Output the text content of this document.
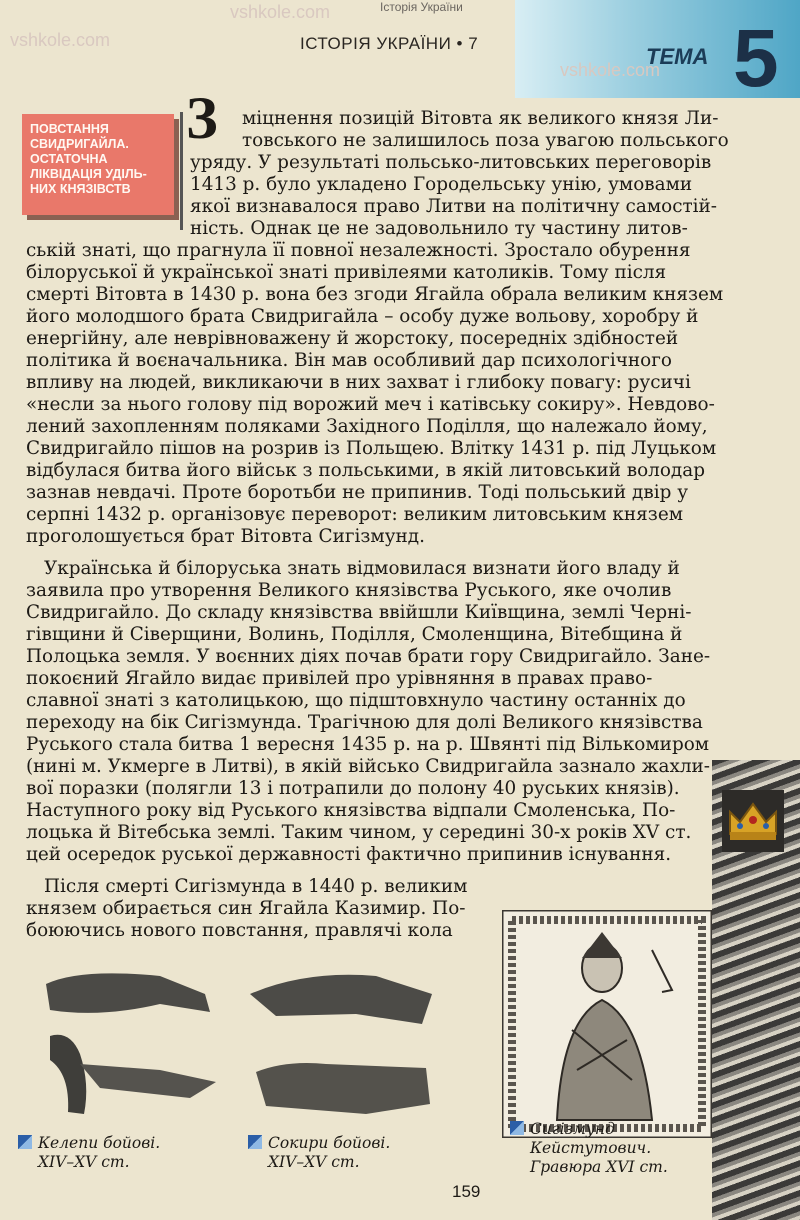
ТЕМА 5
Історія України
ІСТОРІЯ УКРАЇНИ • 7
vshkole.com
vshkole.com
vshkole.com
ПОВСТАННЯ
СВИДРИГАЙЛА.
ОСТАТОЧНА
ЛІКВІДАЦІЯ УДІЛЬ-
НИХ КНЯЗІВСТВ
З міцнення позицій Вітовта як великого князя Ли-
товського не залишилось поза увагою польського
уряду. У результаті польсько-литовських переговорів
1413 р. було укладено Городельську унію, умовами
якої визнавалося право Литви на політичну самостій-
ність. Однак це не задовольнило ту частину литов-
ській знаті, що прагнула її повної незалежності. Зростало обурення
білоруської й української знаті привілеями католиків. Тому після
смерті Вітовта в 1430 р. вона без згоди Ягайла обрала великим князем
його молодшого брата Свидригайла – особу дуже вольову, хоробру й
енергійну, але неврівноважену й жорстоку, посередніх здібностей
політика й воєначальника. Він мав особливий дар психологічного
впливу на людей, викликаючи в них захват і глибоку повагу: русичі
«несли за нього голову під ворожий меч і катівську сокиру». Невдово-
лений захопленням поляками Західного Поділля, що належало йому,
Свидригайло пішов на розрив із Польщею. Влітку 1431 р. під Луцьком
відбулася битва його військ з польськими, в якій литовський володар
зазнав невдачі. Проте боротьби не припинив. Тоді польський двір у
серпні 1432 р. організовує переворот: великим литовським князем
проголошується брат Вітовта Сигізмунд.
Українська й білоруська знать відмовилася визнати його владу й
заявила про утворення Великого князівства Руського, яке очолив
Свидригайло. До складу князівства ввійшли Київщина, землі Черні-
гівщини й Сіверщини, Волинь, Поділля, Смоленщина, Вітебщина й
Полоцька земля. У воєнних діях почав брати гору Свидригайло. Зане-
покоєний Ягайло видає привілей про урівняння в правах право-
славної знаті з католицькою, що підштовхнуло частину останніх до
переходу на бік Сигізмунда. Трагічною для долі Великого князівства
Руського стала битва 1 вересня 1435 р. на р. Швянті під Вількомиром
(нині м. Укмерге в Литві), в якій військо Свидригайла зазнало жахли-
вої поразки (полягли 13 і потрапили до полону 40 руських князів).
Наступного року від Руського князівства відпали Смоленська, По-
лоцька й Вітебська землі. Таким чином, у середині 30-х років XV ст.
цей осередок руської державності фактично припинив існування.
Після смерті Сигізмунда в 1440 р. великим
князем обирається син Ягайла Казимир. По-
боюючись нового повстання, правлячі кола
Келепи бойові.
XIV–XV ст.
Сокири бойові.
XIV–XV ст.
Сигізмунд
Кейстутович.
Гравюра XVI ст.
159
